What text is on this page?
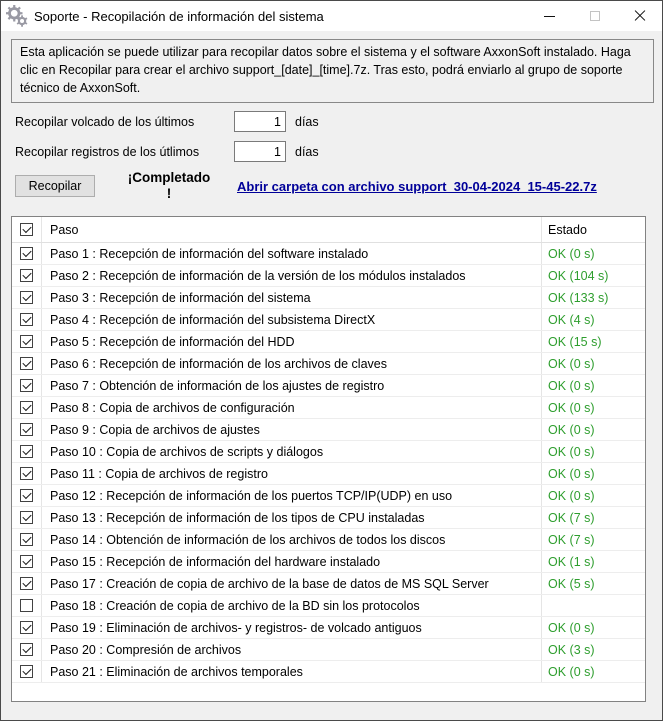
Soporte - Recopilación de información del sistema
Esta aplicación se puede utilizar para recopilar datos sobre el sistema y el software AxxonSoft instalado. Haga clic en Recopilar para crear el archivo support_[date]_[time].7z. Tras esto, podrá enviarlo al grupo de soporte técnico de AxxonSoft.
Recopilar volcado de los últimos
1	días
Recopilar registros de los útlimos
1	días
Recopilar
¡Completado
!	Abrir carpeta con archivo support_30-04-2024_15-45-22.7z
Paso	Estado
Paso 1 : Recepción de información del software instalado	OK (0 s)
Paso 2 : Recepción de información de la versión de los módulos instalados	OK (104 s)
Paso 3 : Recepción de información del sistema	OK (133 s)
Paso 4 : Recepción de información del subsistema DirectX	OK (4 s)
Paso 5 : Recepción de información del HDD	OK (15 s)
Paso 6 : Recepción de información de los archivos de claves	OK (0 s)
Paso 7 : Obtención de información de los ajustes de registro	OK (0 s)
Paso 8 : Copia de archivos de configuración	OK (0 s)
Paso 9 : Copia de archivos de ajustes	OK (0 s)
Paso 10 : Copia de archivos de scripts y diálogos	OK (0 s)
Paso 11 : Copia de archivos de registro	OK (0 s)
Paso 12 : Recepción de información de los puertos TCP/IP(UDP) en uso	OK (0 s)
Paso 13 : Recepción de información de los tipos de CPU instaladas	OK (7 s)
Paso 14 : Obtención de información de los archivos de todos los discos	OK (7 s)
Paso 15 : Recepción de información del hardware instalado	OK (1 s)
Paso 17 : Creación de copia de archivo de la base de datos de MS SQL Server	OK (5 s)
Paso 18 : Creación de copia de archivo de la BD sin los protocolos
Paso 19 : Eliminación de archivos- y registros- de volcado antiguos	OK (0 s)
Paso 20 : Compresión de archivos	OK (3 s)
Paso 21 : Eliminación de archivos temporales	OK (0 s)
